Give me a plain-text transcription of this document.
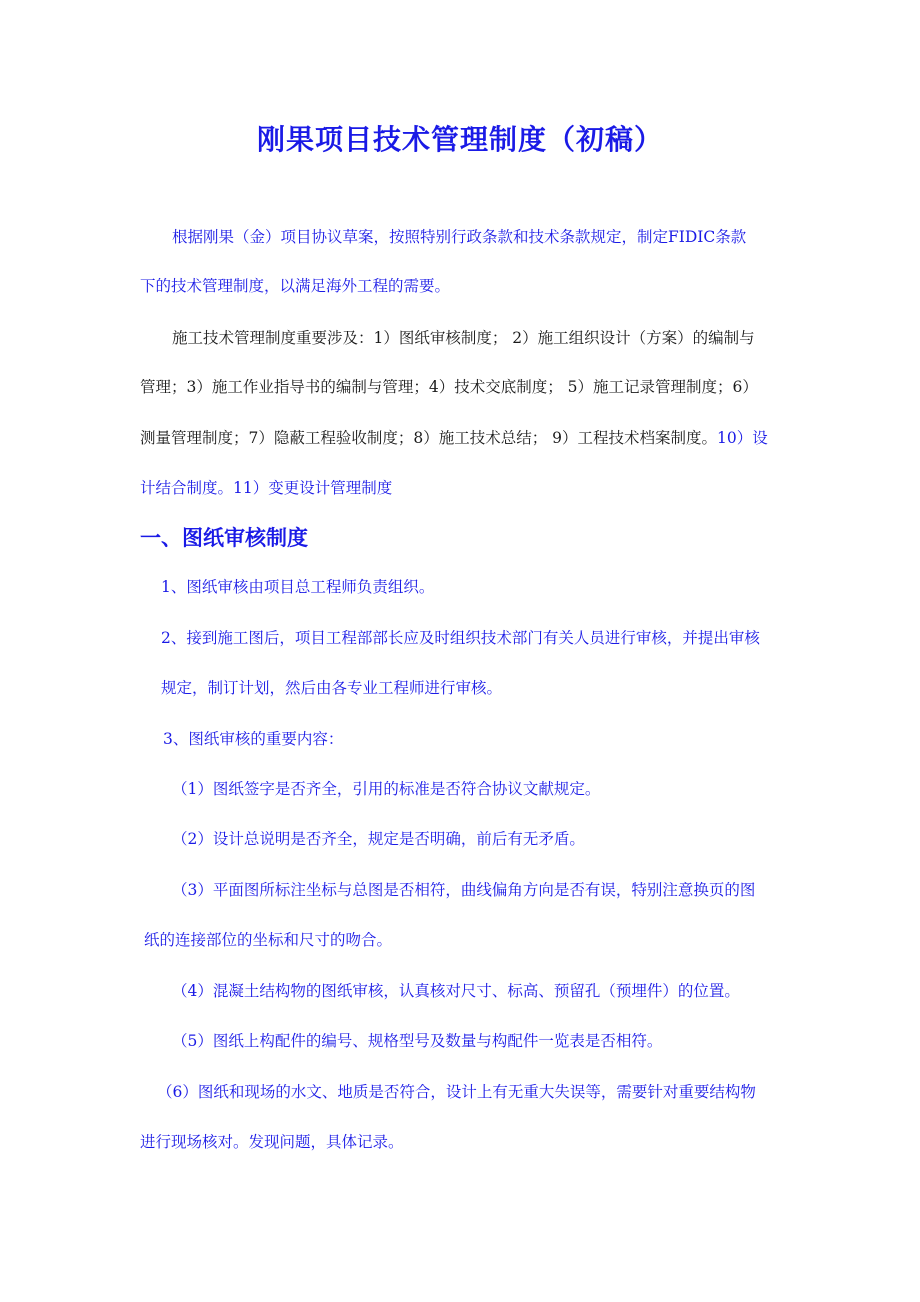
刚果项目技术管理制度（初稿）
根据刚果（金）项目协议草案，按照特别行政条款和技术条款规定，制定FIDIC条款
下的技术管理制度，以满足海外工程的需要。
施工技术管理制度重要涉及：1）图纸审核制度； 2）施工组织设计（方案）的编制与
管理；3）施工作业指导书的编制与管理；4）技术交底制度； 5）施工记录管理制度；6）
测量管理制度；7）隐蔽工程验收制度；8）施工技术总结； 9）工程技术档案制度。10）设
计结合制度。11）变更设计管理制度
一、图纸审核制度
1、图纸审核由项目总工程师负责组织。
2、接到施工图后，项目工程部部长应及时组织技术部门有关人员进行审核，并提出审核
规定，制订计划，然后由各专业工程师进行审核。
3、图纸审核的重要内容：
（1）图纸签字是否齐全，引用的标准是否符合协议文献规定。
（2）设计总说明是否齐全，规定是否明确，前后有无矛盾。
（3）平面图所标注坐标与总图是否相符，曲线偏角方向是否有误，特别注意换页的图
纸的连接部位的坐标和尺寸的吻合。
（4）混凝土结构物的图纸审核，认真核对尺寸、标高、预留孔（预埋件）的位置。
（5）图纸上构配件的编号、规格型号及数量与构配件一览表是否相符。
（6）图纸和现场的水文、地质是否符合，设计上有无重大失误等，需要针对重要结构物
进行现场核对。发现问题，具体记录。
